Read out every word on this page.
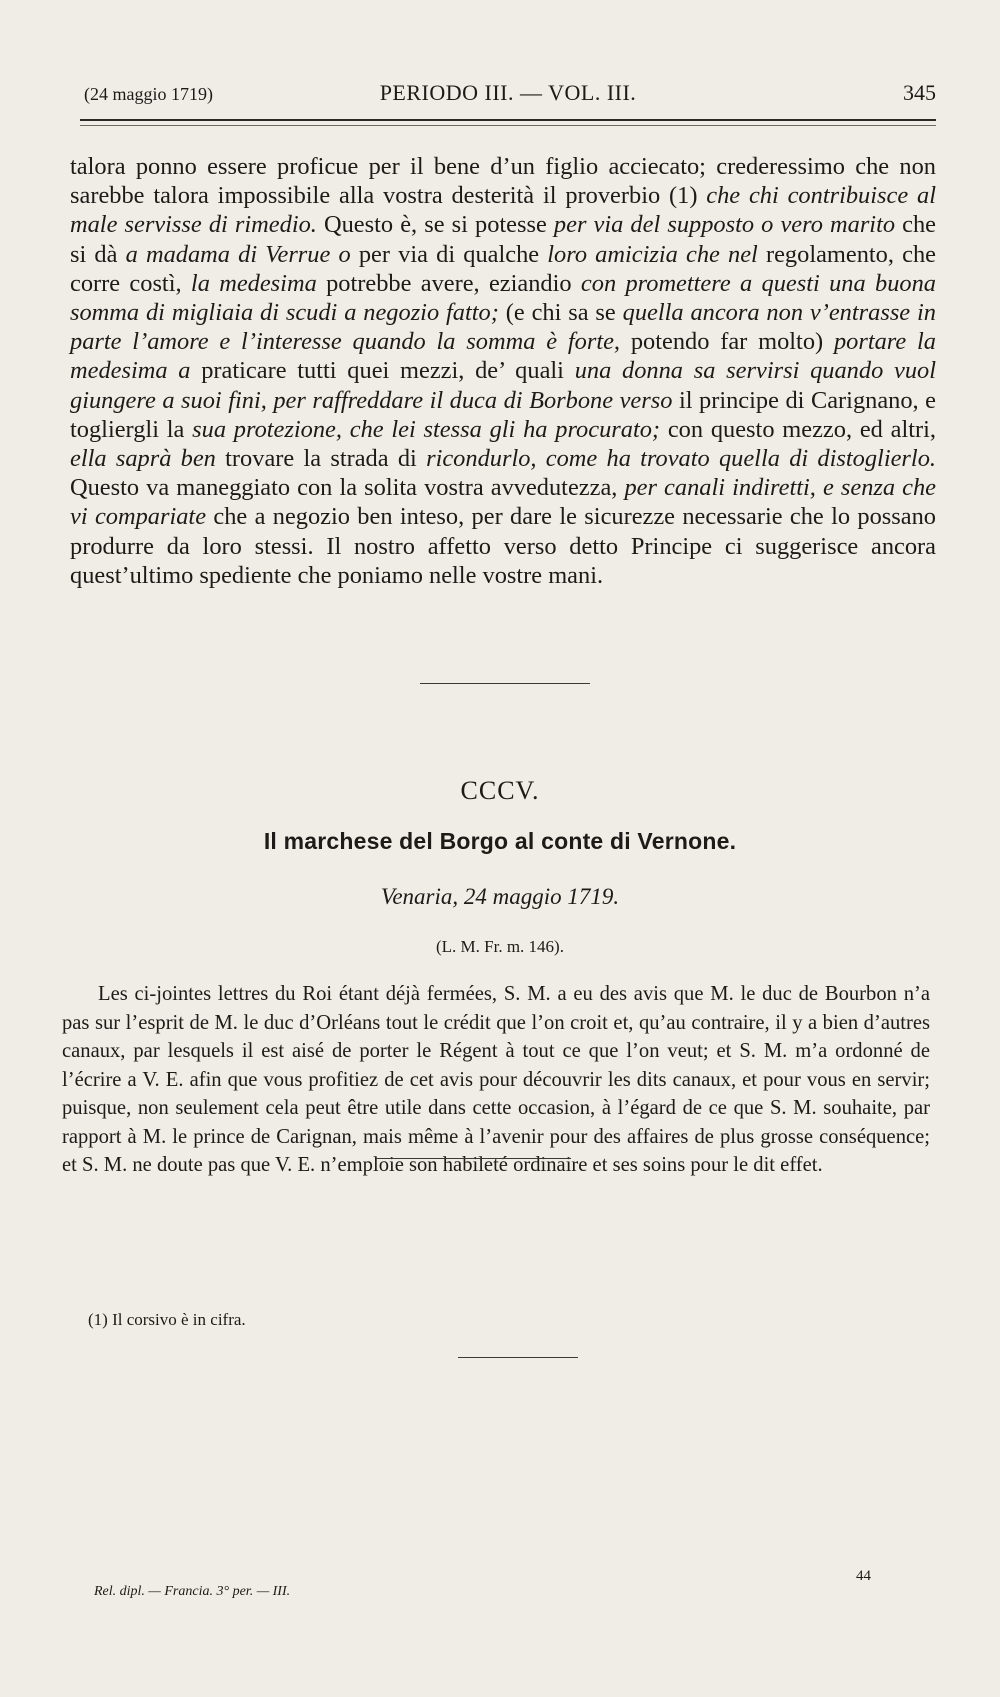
(24 maggio 1719)	PERIODO III. — VOL. III.	345

talora ponno essere proficue per il bene d’un figlio acciecato; crederessimo che non sarebbe talora impossibile alla vostra desterità il proverbio (1) che chi contribuisce al male servisse di rimedio. Questo è, se si potesse per via del supposto o vero marito che si dà a madama di Verrue o per via di qualche loro amicizia che nel regolamento, che corre costì, la medesima potrebbe avere, eziandio con promettere a questi una buona somma di migliaia di scudi a negozio fatto; (e chi sa se quella ancora non v’entrasse in parte l’amore e l’interesse quando la somma è forte, potendo far molto) portare la medesima a praticare tutti quei mezzi, de’ quali una donna sa servirsi quando vuol giungere a suoi fini, per raffreddare il duca di Borbone verso il principe di Carignano, e togliergli la sua protezione, che lei stessa gli ha procurato; con questo mezzo, ed altri, ella saprà ben trovare la strada di ricondurlo, come ha trovato quella di distoglierlo. Questo va maneggiato con la solita vostra avvedutezza, per canali indiretti, e senza che vi compariate che a negozio ben inteso, per dare le sicurezze necessarie che lo possano produrre da loro stessi. Il nostro affetto verso detto Principe ci suggerisce ancora quest’ultimo spediente che poniamo nelle vostre mani.

CCCV.
Il marchese del Borgo al conte di Vernone.
Venaria, 24 maggio 1719.
(L. M. Fr. m. 146).

Les ci-jointes lettres du Roi étant déjà fermées, S. M. a eu des avis que M. le duc de Bourbon n’a pas sur l’esprit de M. le duc d’Orléans tout le crédit que l’on croit et, qu’au contraire, il y a bien d’autres canaux, par lesquels il est aisé de porter le Régent à tout ce que l’on veut; et S. M. m’a ordonné de l’écrire a V. E. afin que vous profitiez de cet avis pour découvrir les dits canaux, et pour vous en servir; puisque, non seulement cela peut être utile dans cette occasion, à l’égard de ce que S. M. souhaite, par rapport à M. le prince de Carignan, mais même à l’avenir pour des affaires de plus grosse conséquence; et S. M. ne doute pas que V. E. n’emploie son habileté ordinaire et ses soins pour le dit effet.

(1) Il corsivo è in cifra.
Rel. dipl. — Francia. 3° per. — III.
44
